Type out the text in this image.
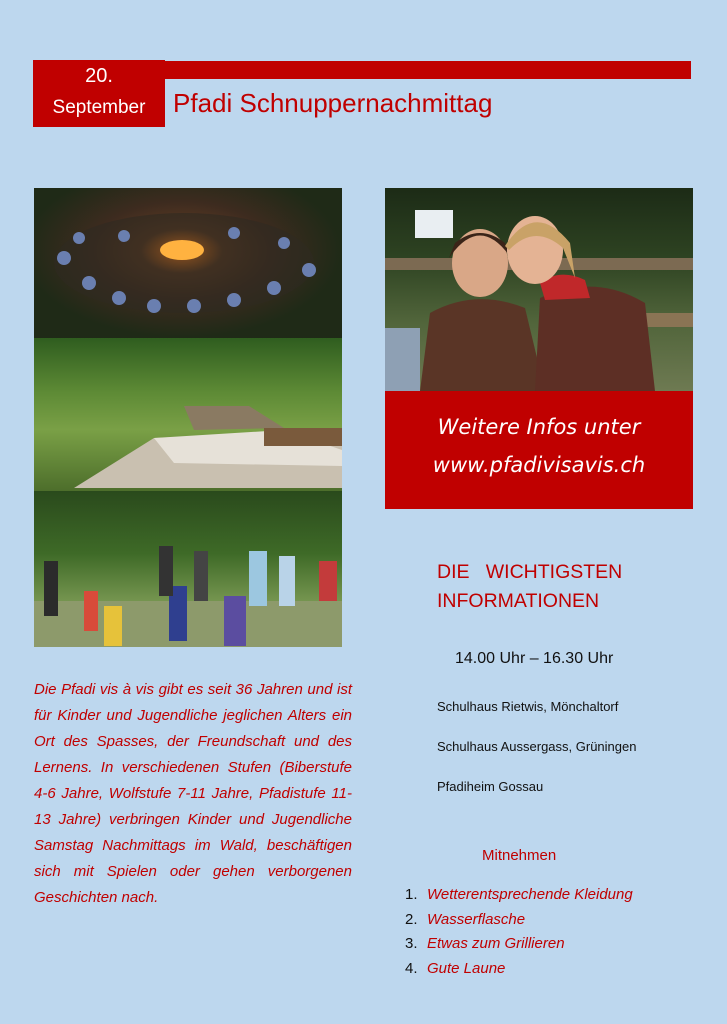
20.
September	Pfadi Schnuppernachmittag
Weitere Infos unter
www.pfadivisavis.ch
Die Pfadi vis à vis gibt es seit 36 Jahren und ist für Kinder und Jugendliche jeglichen Alters ein Ort des Spasses, der Freundschaft und des Lernens. In verschiedenen Stufen (Biberstufe 4-6 Jahre, Wolfstufe 7-11 Jahre, Pfadistufe 11-13 Jahre) verbringen Kinder und Jugendliche Samstag Nachmittags im Wald, beschäftigen sich mit Spielen oder gehen verborgenen Geschichten nach.
DIE   WICHTIGSTEN
INFORMATIONEN
14.00 Uhr – 16.30 Uhr
Schulhaus Rietwis, Mönchaltorf
Schulhaus Aussergass, Grüningen
Pfadiheim Gossau
Mitnehmen
1. Wetterentsprechende Kleidung
2. Wasserflasche
3. Etwas zum Grillieren
4. Gute Laune
